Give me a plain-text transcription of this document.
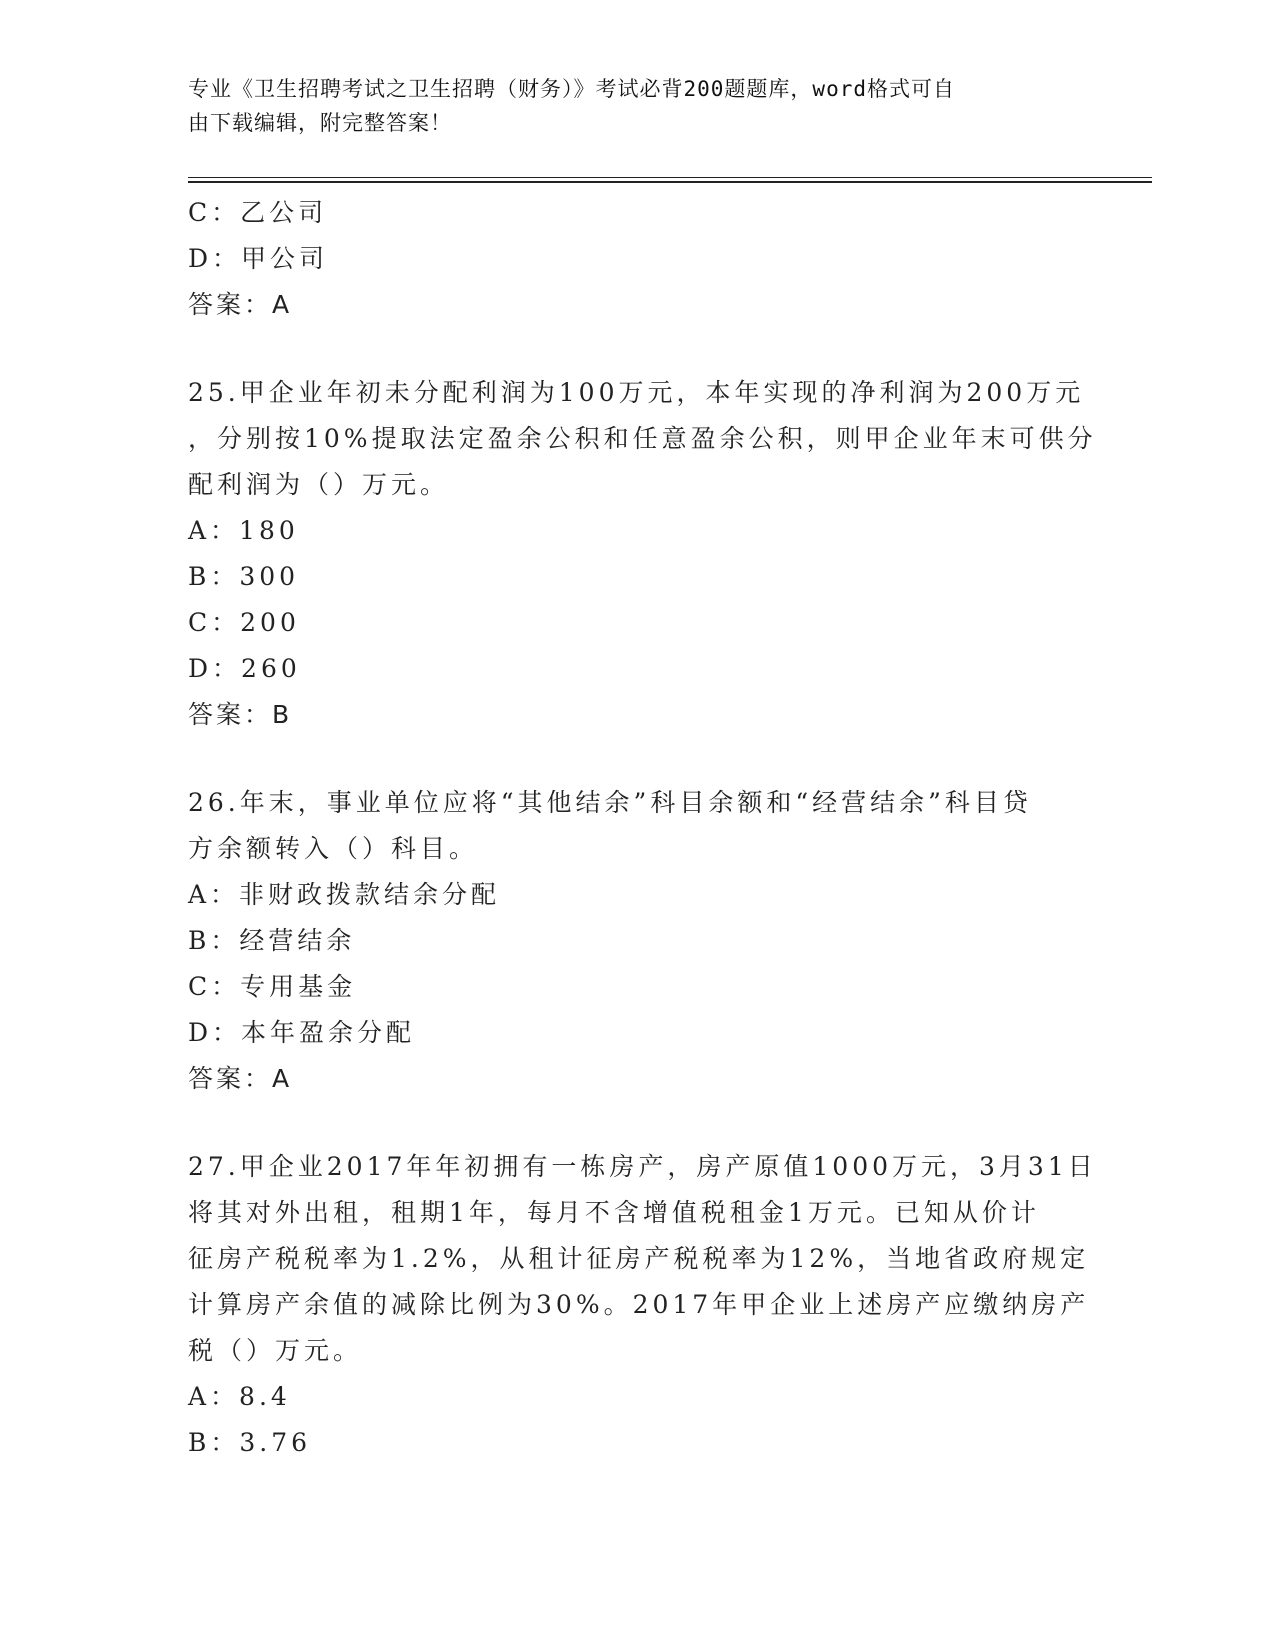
专业《卫生招聘考试之卫生招聘（财务）》考试必背200题题库，word格式可自
由下载编辑，附完整答案！
C：乙公司
D：甲公司
答案：A
25.甲企业年初未分配利润为100万元，本年实现的净利润为200万元
，分别按10%提取法定盈余公积和任意盈余公积，则甲企业年末可供分
配利润为（）万元。
A：180
B：300
C：200
D：260
答案：B
26.年末，事业单位应将“其他结余”科目余额和“经营结余”科目贷
方余额转入（）科目。
A：非财政拨款结余分配
B：经营结余
C：专用基金
D：本年盈余分配
答案：A
27.甲企业2017年年初拥有一栋房产，房产原值1000万元，3月31日
将其对外出租，租期1年，每月不含增值税租金1万元。已知从价计
征房产税税率为1.2%，从租计征房产税税率为12%，当地省政府规定
计算房产余值的减除比例为30%。2017年甲企业上述房产应缴纳房产
税（）万元。
A：8.4
B：3.76
